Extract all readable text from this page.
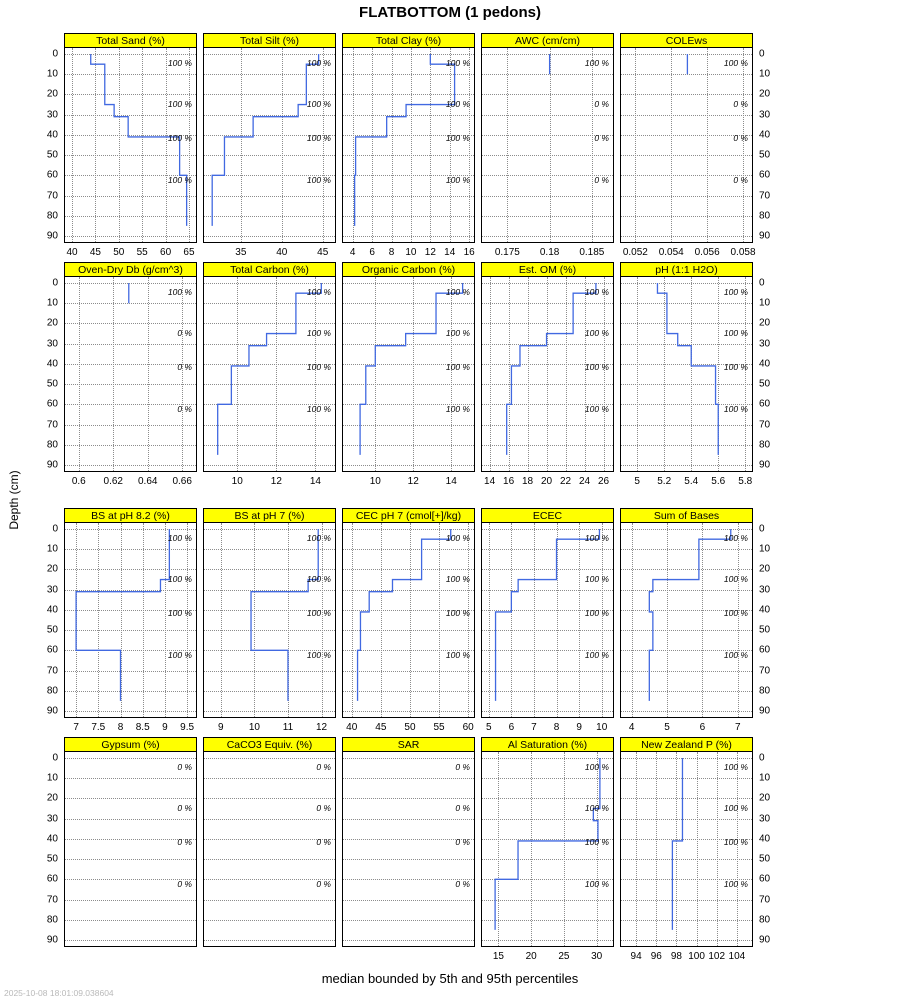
FLATBOTTOM (1 pedons)
Depth (cm)
40 45 50 55 60 65
Total Sand (%)
100 %
100 %
100 %
100 %
35	40	45
Total Silt (%)
100 %
100 %
100 %
100 %
4 6 8 10 12 14 16
Total Clay (%)
100 %
100 %
100 %
100 %
0.175 0.18 0.185
AWC (cm/cm)
100 %
0 %
0 %
0 %
0.052 0.054 0.056 0.058
COLEws
100 %
0 %
0 %
0 %
0.6 0.62 0.64 0.66
Oven-Dry Db (g/cm^3)
100 %
0 %
0 %
0 %
10	12	14
Total Carbon (%)
100 %
100 %
100 %
100 %
10	12	14
Organic Carbon (%)
100 %
100 %
100 %
100 %
14 16 18 20 22 24 26
Est. OM (%)
100 %
100 %
100 %
100 %
5 5.2 5.4 5.6 5.8
pH (1:1 H2O)
100 %
100 %
100 %
100 %
7 7.5 8 8.5 9 9.5
BS at pH 8.2 (%)
100 %
100 %
100 %
100 %
9	10 11 12
BS at pH 7 (%)
100 %
100 %
100 %
100 %
40 45 50 55 60
CEC pH 7 (cmol[+]/kg)
100 %
100 %
100 %
100 %
5 6 7 8 9 10
ECEC
100 %
100 %
100 %
100 %
4	5	6	7
Sum of Bases
100 %
100 %
100 %
100 %
Gypsum (%)
0 %
0 %
0 %
0 %
CaCO3 Equiv. (%)
0 %
0 %
0 %
0 %
SAR
0 %
0 %
0 %
0 %
15 20 25 30
Al Saturation (%)
100 %
100 %
100 %
100 %
94 96 98 100 102 104
New Zealand P (%)
100 %
100 %
100 %
100 %
0	0
10	10
20	20
30	30
40	40
50	50
60	60
70	70
80	80
90	90
0	0
10	10
20	20
30	30
40	40
50	50
60	60
70	70
80	80
90	90
0	0
10	10
20	20
30	30
40	40
50	50
60	60
70	70
80	80
90	90
0	0
10	10
20	20
30	30
40	40
50	50
60	60
70	70
80	80
90	90
median bounded by 5th and 95th percentiles
2025-10-08 18:01:09.038604
